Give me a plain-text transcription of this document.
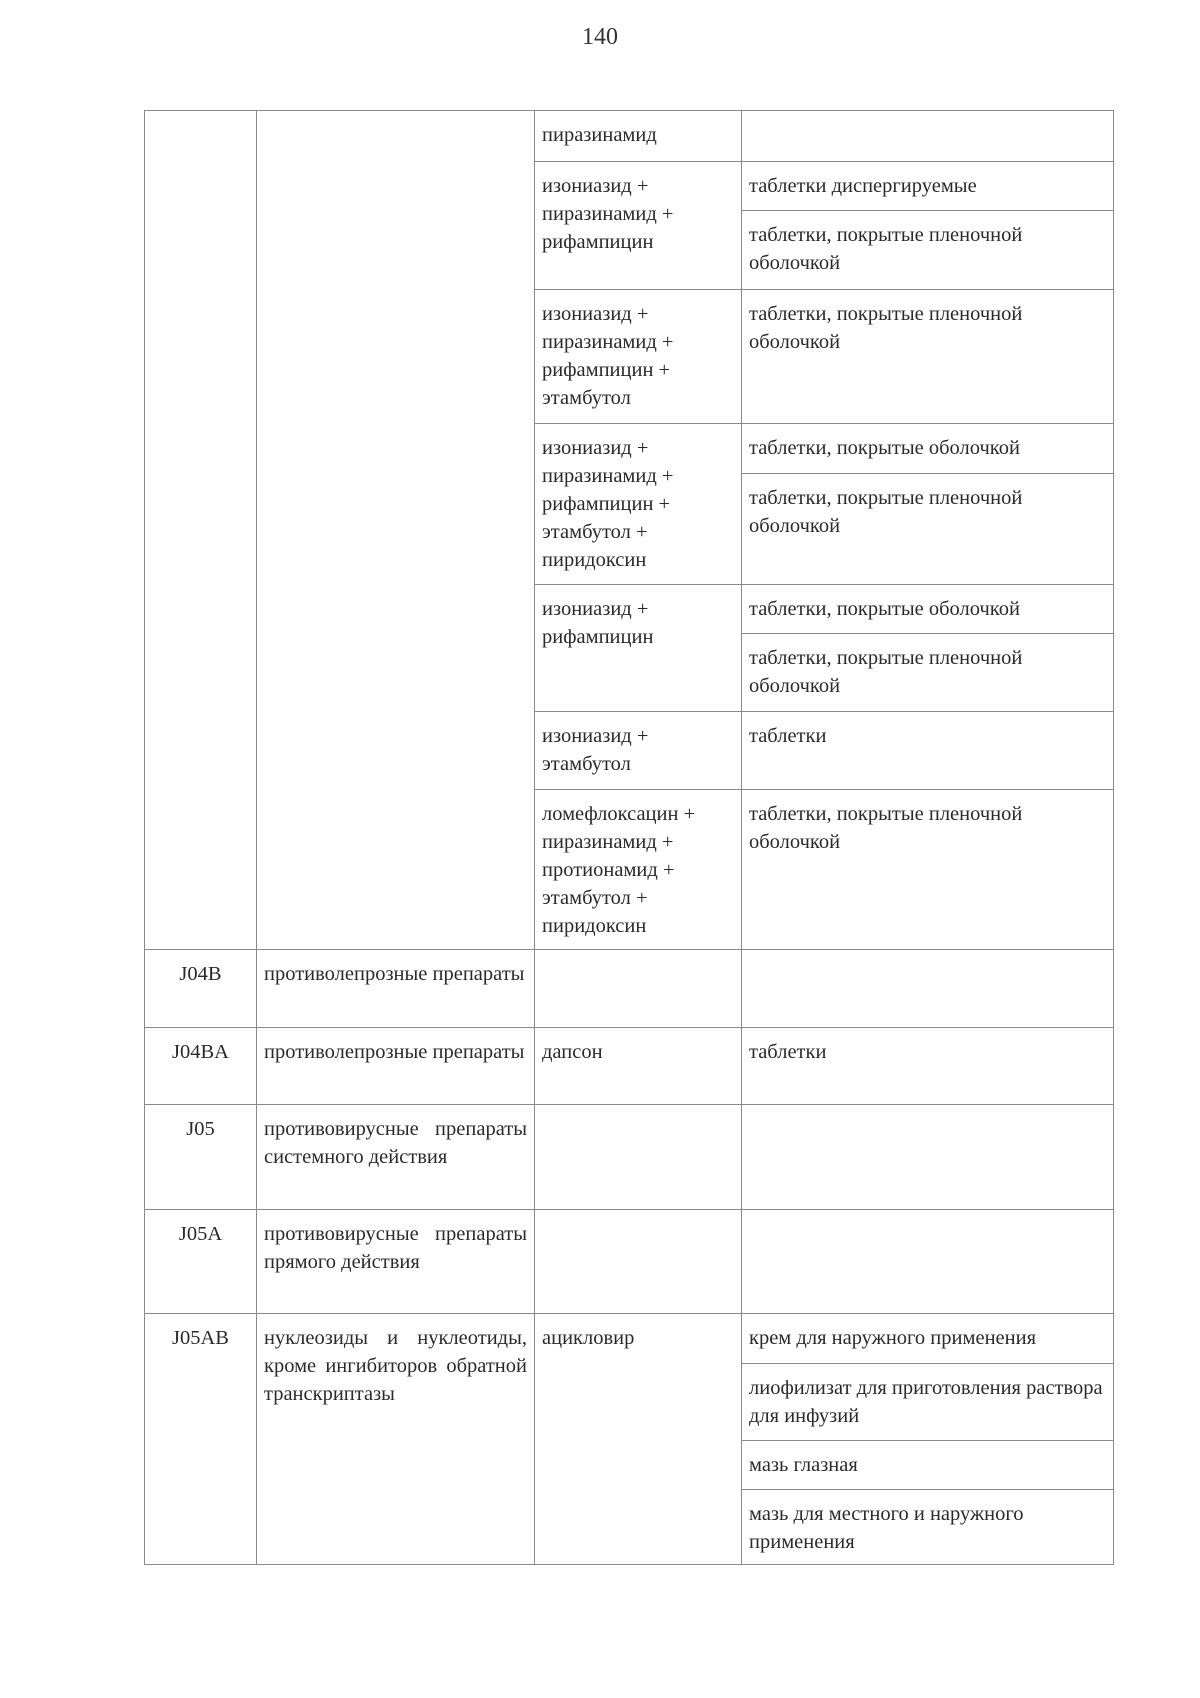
140
		пиразинамид	
		изониазид + пиразинамид + рифампицин	таблетки диспергируемые
			таблетки, покрытые пленочной оболочкой
		изониазид + пиразинамид + рифампицин + этамбутол	таблетки, покрытые пленочной оболочкой
		изониазид + пиразинамид + рифампицин + этамбутол + пиридоксин	таблетки, покрытые оболочкой
			таблетки, покрытые пленочной оболочкой
		изониазид + рифампицин	таблетки, покрытые оболочкой
			таблетки, покрытые пленочной оболочкой
		изониазид + этамбутол	таблетки
		ломефлоксацин + пиразинамид + протионамид + этамбутол + пиридоксин	таблетки, покрытые пленочной оболочкой
J04B	противолепрозные препараты		
J04BA	противолепрозные препараты	дапсон	таблетки
J05	противовирусные препараты системного действия		
J05A	противовирусные препараты прямого действия		
J05AB	нуклеозиды и нуклеотиды, кроме ингибиторов обратной транскриптазы	ацикловир	крем для наружного применения
			лиофилизат для приготовления раствора для инфузий
			мазь глазная
			мазь для местного и наружного применения
